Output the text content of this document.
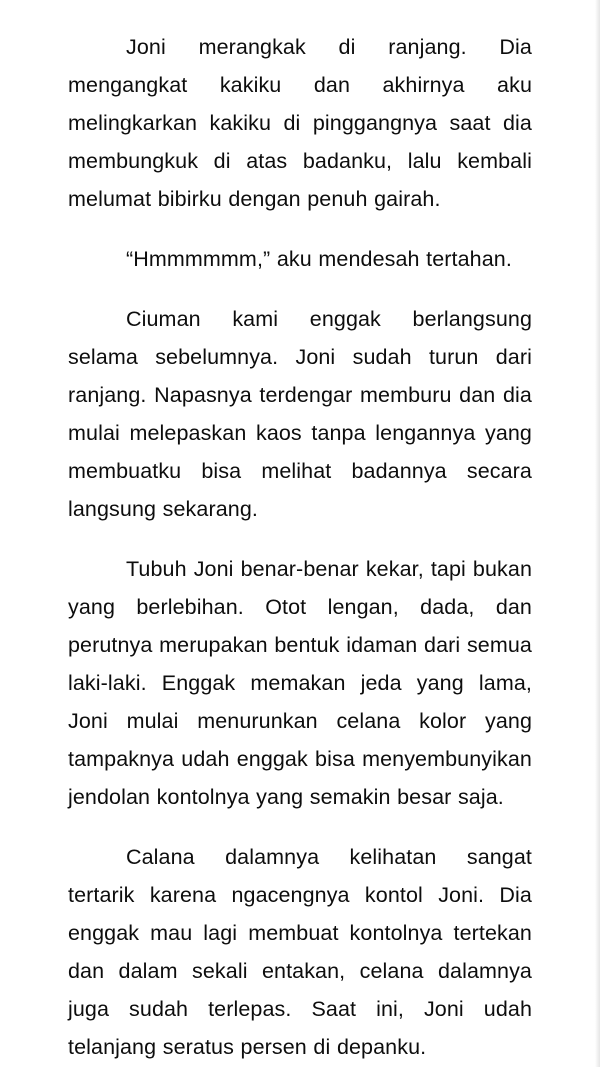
Joni merangkak di ranjang. Dia mengangkat kakiku dan akhirnya aku melingkarkan kakiku di pinggangnya saat dia membungkuk di atas badanku, lalu kembali melumat bibirku dengan penuh gairah.

“Hmmmmmm,” aku mendesah tertahan.

Ciuman kami enggak berlangsung selama sebelumnya. Joni sudah turun dari ranjang. Napasnya terdengar memburu dan dia mulai melepaskan kaos tanpa lengannya yang membuatku bisa melihat badannya secara langsung sekarang.

Tubuh Joni benar-benar kekar, tapi bukan yang berlebihan. Otot lengan, dada, dan perutnya merupakan bentuk idaman dari semua laki-laki. Enggak memakan jeda yang lama, Joni mulai menurunkan celana kolor yang tampaknya udah enggak bisa menyembunyikan jendolan kontolnya yang semakin besar saja.

Calana dalamnya kelihatan sangat tertarik karena ngacengnya kontol Joni. Dia enggak mau lagi membuat kontolnya tertekan dan dalam sekali entakan, celana dalamnya juga sudah terlepas. Saat ini, Joni udah telanjang seratus persen di depanku.
